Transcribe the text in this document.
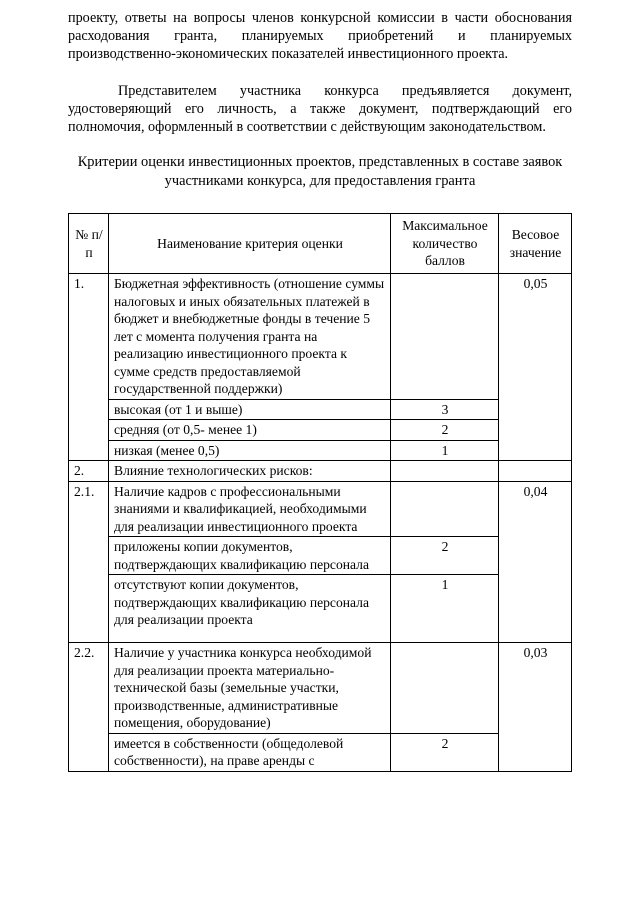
проекту, ответы на вопросы членов конкурсной комиссии в части обоснования расходования гранта, планируемых приобретений и планируемых производственно-экономических показателей инвестиционного проекта.
Представителем участника конкурса предъявляется документ, удостоверяющий его личность, а также документ, подтверждающий его полномочия, оформленный в соответствии с действующим законодательством.
Критерии оценки инвестиционных проектов, представленных в составе заявок участниками конкурса, для предоставления гранта
№ п/п	Наименование критерия оценки	Максимальное количество баллов	Весовое значение
1.	Бюджетная эффективность (отношение суммы налоговых и иных обязательных платежей в бюджет и внебюджетные фонды в течение 5 лет с момента получения гранта на реализацию инвестиционного проекта к сумме средств предоставляемой государственной поддержки)		0,05
	высокая (от 1 и выше)	3	
	средняя (от 0,5- менее 1)	2	
	низкая (менее 0,5)	1	
2.	Влияние технологических рисков:		
2.1.	Наличие кадров с профессиональными знаниями и квалификацией, необходимыми для реализации инвестиционного проекта		0,04
	приложены копии документов, подтверждающих квалификацию персонала	2	
	отсутствуют копии документов, подтверждающих квалификацию персонала для реализации проекта	1	
2.2.	Наличие у участника конкурса необходимой для реализации проекта материально-технической базы (земельные участки, производственные, административные помещения, оборудование)		0,03
	имеется в собственности (общедолевой собственности), на праве аренды с	2	
